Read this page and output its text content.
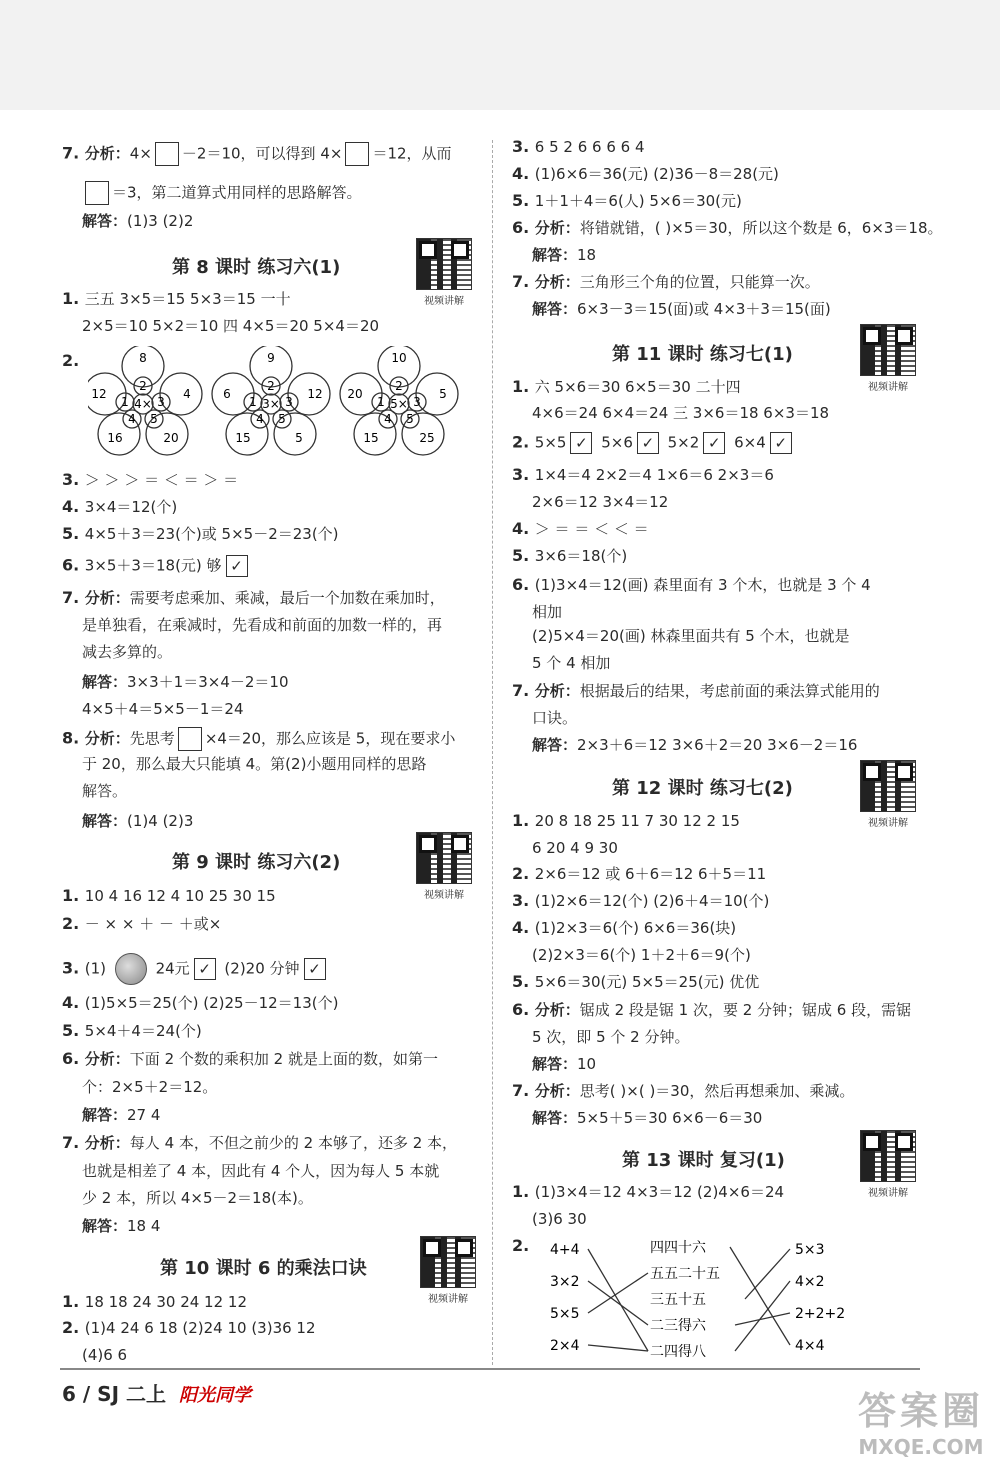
7. 分析：4× －2＝10，可以得到 4× ＝12，从而
＝3，第二道算式用同样的思路解答。
解答：(1)3 (2)2
1. 三五 3×5＝15 5×3＝15 一十
2×5＝10 5×2＝10 四 4×5＝20 5×4＝20
2.
3. ＞ ＞ ＞ ＝ ＜ ＝ ＞ ＝
4. 3×4＝12(个)
5. 4×5＋3＝23(个)或 5×5－2＝23(个)
6. 3×5＋3＝18(元) 够 ✓
7. 分析：需要考虑乘加、乘减，最后一个加数在乘加时，
是单独看，在乘减时，先看成和前面的加数一样的，再
减去多算的。
解答：3×3＋1＝3×4－2＝10
4×5＋4＝5×5－1＝24
8. 分析：先思考 ×4＝20，那么应该是 5，现在要求小
于 20，那么最大只能填 4。第(2)小题用同样的思路
解答。
解答：(1)4 (2)3
1. 10 4 16 12 4 10 25 30 15
2. － × × ＋ － ＋或×
3. (1)	24元 ✓ (2)20 分钟 ✓
4. (1)5×5＝25(个) (2)25－12＝13(个)
5. 5×4＋4＝24(个)
6. 分析：下面 2 个数的乘积加 2 就是上面的数，如第一
个：2×5＋2＝12。
解答：27 4
7. 分析：每人 4 本，不但之前少的 2 本够了，还多 2 本，
也就是相差了 4 本，因此有 4 个人，因为每人 5 本就
少 2 本，所以 4×5－2＝18(本)。
解答：18 4
1. 18 18 24 30 24 12 12
2. (1)4 24 6 18 (2)24 10 (3)36 12
(4)6 6
3. 6 5 2 6 6 6 6 4
4. (1)6×6＝36(元) (2)36－8＝28(元)
5. 1＋1＋4＝6(人) 5×6＝30(元)
6. 分析：将错就错，( )×5＝30，所以这个数是 6，6×3＝18。
解答：18
7. 分析：三角形三个角的位置，只能算一次。
解答：6×3－3＝15(面)或 4×3＋3＝15(面)
1. 六 5×6＝30 6×5＝30 二十四
4×6＝24 6×4＝24 三 3×6＝18 6×3＝18
2. 5×5 ✓ 5×6 ✓ 5×2 ✓ 6×4 ✓
3. 1×4＝4 2×2＝4 1×6＝6 2×3＝6
2×6＝12 3×4＝12
4. ＞ ＝ ＝ ＜ ＜ ＝
5. 3×6＝18(个)
6. (1)3×4＝12(画) 森里面有 3 个木，也就是 3 个 4
相加
(2)5×4＝20(画) 林森里面共有 5 个木，也就是
5 个 4 相加
7. 分析：根据最后的结果，考虑前面的乘法算式能用的
口诀。
解答：2×3＋6＝12 3×6＋2＝20 3×6－2＝16
1. 20 8 18 25 11 7 30 12 2 15
6 20 4 9 30
2. 2×6＝12 或 6＋6＝12 6＋5＝11
3. (1)2×6＝12(个) (2)6＋4＝10(个)
4. (1)2×3＝6(个) 6×6＝36(块)
(2)2×3＝6(个) 1＋2＋6＝9(个)
5. 5×6＝30(元) 5×5＝25(元) 优优
6. 分析：锯成 2 段是锯 1 次，要 2 分钟；锯成 6 段，需锯
5 次，即 5 个 2 分钟。
解答：10
7. 分析：思考( )×( )＝30，然后再想乘加、乘减。
解答：5×5＋5＝30 6×6－6＝30
1. (1)3×4＝12 4×3＝12 (2)4×6＝24
(3)6 30
2.
第 8 课时 练习六(1)
第 9 课时 练习六(2)
第 10 课时 6 的乘法口诀
第 11 课时 练习七(1)
第 12 课时 练习七(2)
第 13 课时 复习(1)
视频讲解
视频讲解
视频讲解
视频讲解
视频讲解
视频讲解
4×
8
12	4
16	20
2
1 3
4 5
3×
9
6	12
15	5
2
1 3
4 5
5×
10
20	5
15	25
2
1 3
4 5
4+4
3×2
5×5
2×4
四四十六
五五二十五
三五十五
二三得六
二四得八
5×3
4×2
2+2+2
4×4
6 / SJ 二上 阳光同学	答案圈
MXQE.COM
